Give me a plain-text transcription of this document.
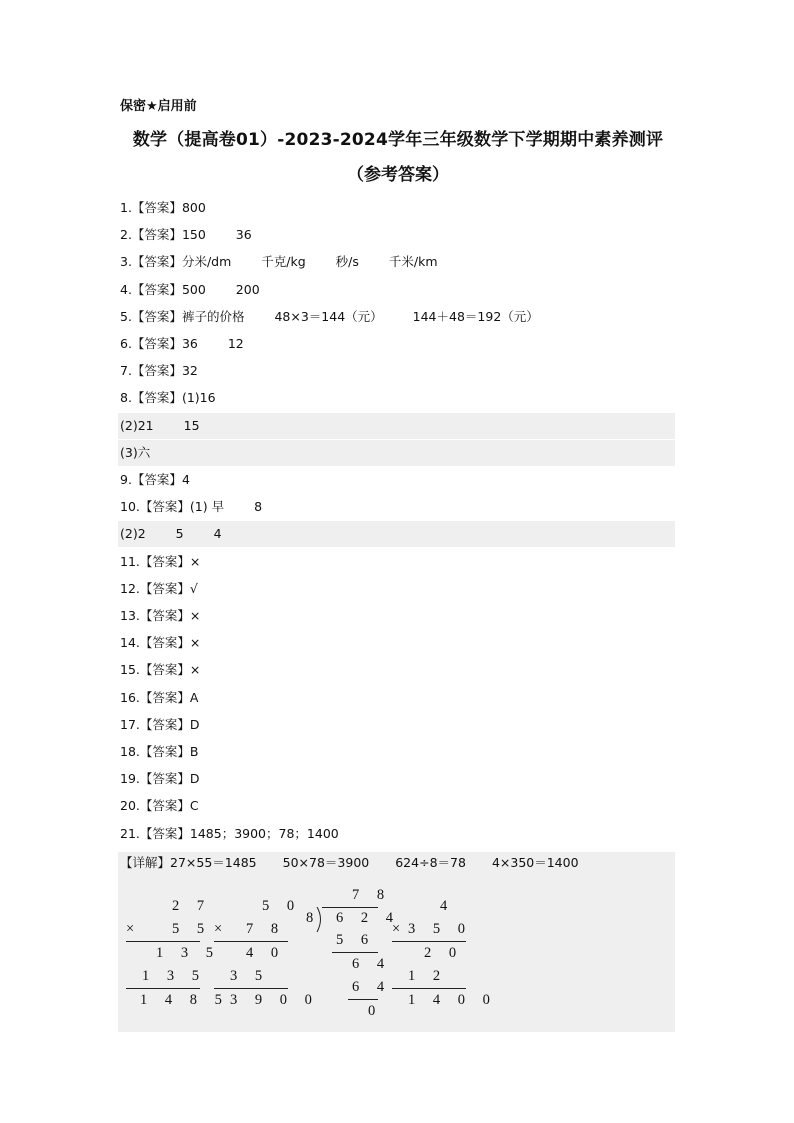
保密★启用前
数学（提高卷01）-2023-2024学年三年级数学下学期期中素养测评
（参考答案）
1.【答案】800
2.【答案】150 36
3.【答案】分米/dm 千克/kg 秒/s 千米/km
4.【答案】500 200
5.【答案】裤子的价格 48×3＝144（元） 144＋48＝192（元）
6.【答案】36 12
7.【答案】32
8.【答案】(1)16
(2)21 15
(3)六
9.【答案】4
10.【答案】(1) 早 8
(2)2 5 4
11.【答案】×
12.【答案】√
13.【答案】×
14.【答案】×
15.【答案】×
16.【答案】A
17.【答案】D
18.【答案】B
19.【答案】D
20.【答案】C
21.【答案】1485；3900；78；1400
【详解】27×55＝1485 50×78＝3900 624÷8＝78 4×350＝1400
2 7
× 5 5
1 3 5
1 3 5
1 4 8 5
5 0
× 7 8
4 0
3 5
3 9 0 0
7 8
8 6 2 4
5 6
6 4
6 4
0
4
× 3 5 0
2 0
1 2
1 4 0 0
